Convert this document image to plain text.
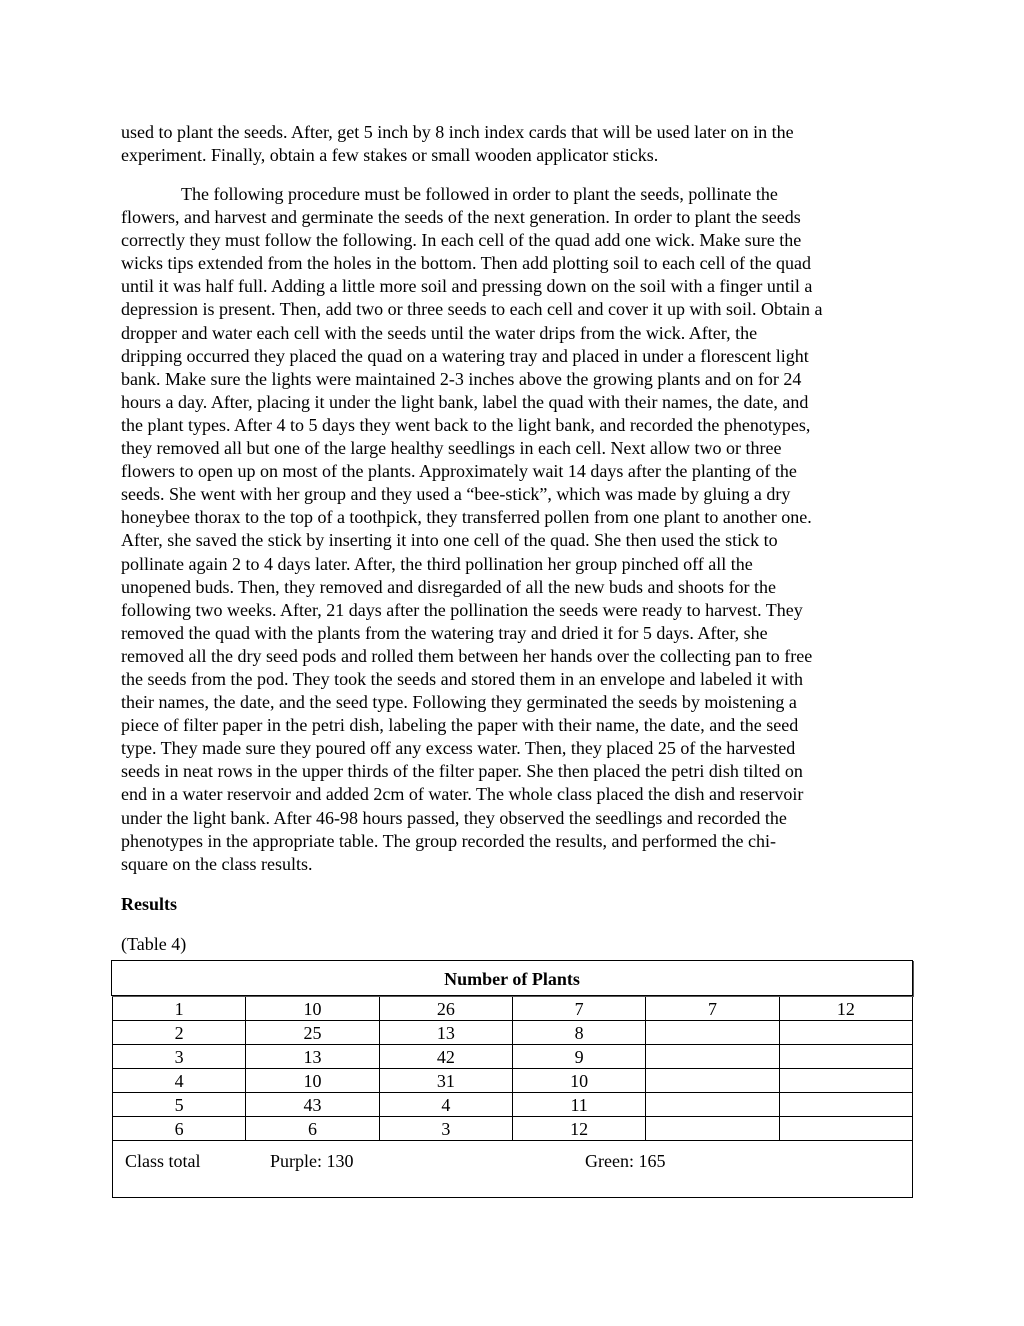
used to plant the seeds. After, get 5 inch by 8 inch index cards that will be used later on in the

experiment. Finally, obtain a few stakes or small wooden applicator sticks.

The following procedure must be followed in order to plant the seeds, pollinate the

flowers, and harvest and germinate the seeds of the next generation. In order to plant the seeds

correctly they must follow the following. In each cell of the quad add one wick. Make sure the

wicks tips extended from the holes in the bottom. Then add plotting soil to each cell of the quad

until it was half full. Adding a little more soil and pressing down on the soil with a finger until a

depression is present. Then, add two or three seeds to each cell and cover it up with soil. Obtain a

dropper and water each cell with the seeds until the water drips from the wick. After, the

dripping occurred they placed the quad on a watering tray and placed in under a florescent light

bank. Make sure the lights were maintained 2-3 inches above the growing plants and on for 24

hours a day. After, placing it under the light bank, label the quad with their names, the date, and

the plant types. After 4 to 5 days they went back to the light bank, and recorded the phenotypes,

they removed all but one of the large healthy seedlings in each cell. Next allow two or three

flowers to open up on most of the plants. Approximately wait 14 days after the planting of the

seeds. She went with her group and they used a “bee-stick”, which was made by gluing a dry

honeybee thorax to the top of a toothpick, they transferred pollen from one plant to another one.

After, she saved the stick by inserting it into one cell of the quad. She then used the stick to

pollinate again 2 to 4 days later. After, the third pollination her group pinched off all the

unopened buds. Then, they removed and disregarded of all the new buds and shoots for the

following two weeks. After, 21 days after the pollination the seeds were ready to harvest. They

removed the quad with the plants from the watering tray and dried it for 5 days. After, she

removed all the dry seed pods and rolled them between her hands over the collecting pan to free

the seeds from the pod. They took the seeds and stored them in an envelope and labeled it with

their names, the date, and the seed type. Following they germinated the seeds by moistening a

piece of filter paper in the petri dish, labeling the paper with their name, the date, and the seed

type. They made sure they poured off any excess water. Then, they placed 25 of the harvested

seeds in neat rows in the upper thirds of the filter paper. She then placed the petri dish tilted on

end in a water reservoir and added 2cm of water. The whole class placed the dish and reservoir

under the light bank. After 46-98 hours passed, they observed the seedlings and recorded the

phenotypes in the appropriate table. The group recorded the results, and performed the chi-

square on the class results.

Results

(Table 4)

Number of Plants
1	10	26	7	7	12
2	25	13	8		
3	13	42	9		
4	10	31	10		
5	43	4	11		
6	6	3	12		
Class total	Purple: 130	Green: 165
